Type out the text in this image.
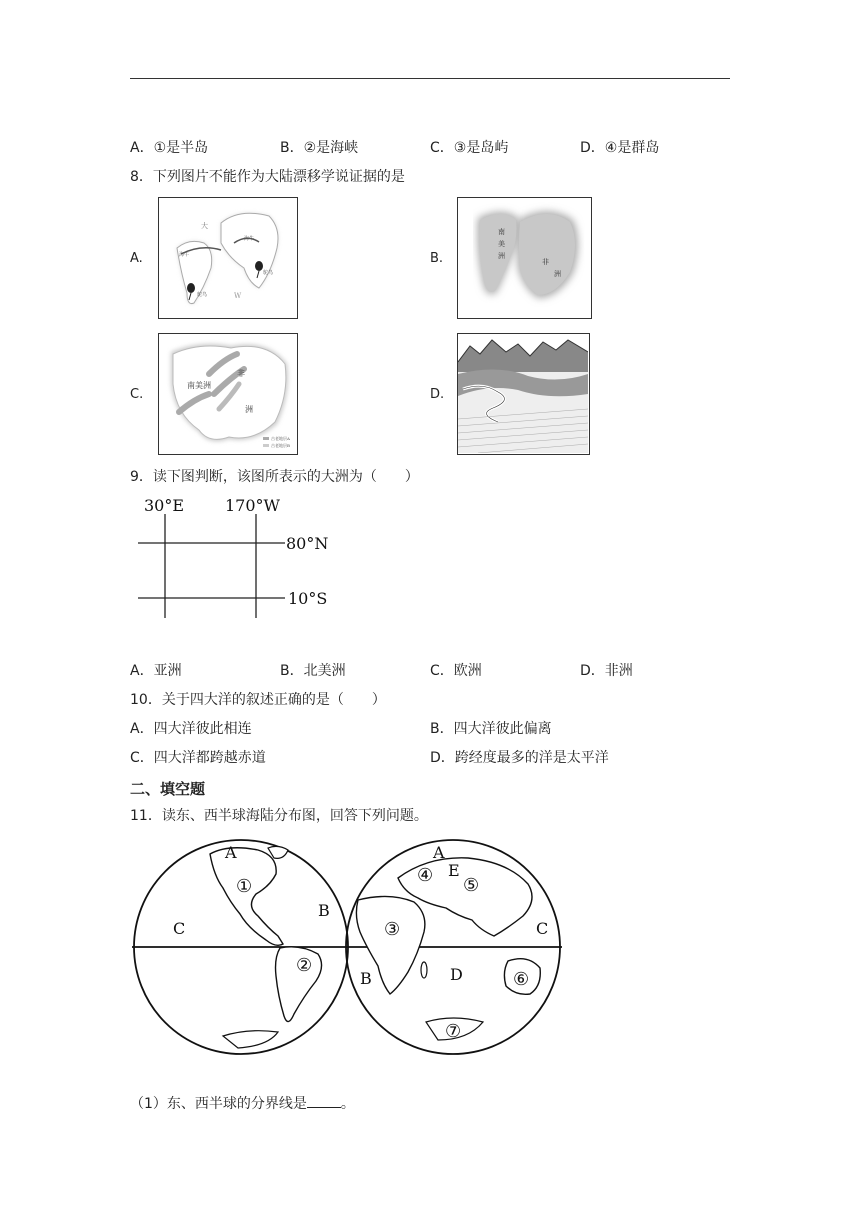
A．①是半岛	B．②是海峡	C．③是岛屿	D．④是群岛
8．下列图片不能作为大陆漂移学说证据的是
A.
大
海牛
海牛
鸵鸟
鸵鸟
W
B.
南
美
洲
非
洲
C.
南美洲
非
洲
古老地层A
古老地层B
D.
9．读下图判断，该图所表示的大洲为（　　）
30°E	170°W
80°N
10°S
A．亚洲	B．北美洲	C．欧洲	D．非洲
10．关于四大洋的叙述正确的是（　　）
A．四大洋彼此相连	B．四大洋彼此偏离
C．四大洋都跨越赤道	D．跨经度最多的洋是太平洋
二、填空题
11．读东、西半球海陆分布图，回答下列问题。
A	A
B
B
C	C
D
E
①
②
③
④ ⑤
⑥
⑦
（1）东、西半球的分界线是 。
